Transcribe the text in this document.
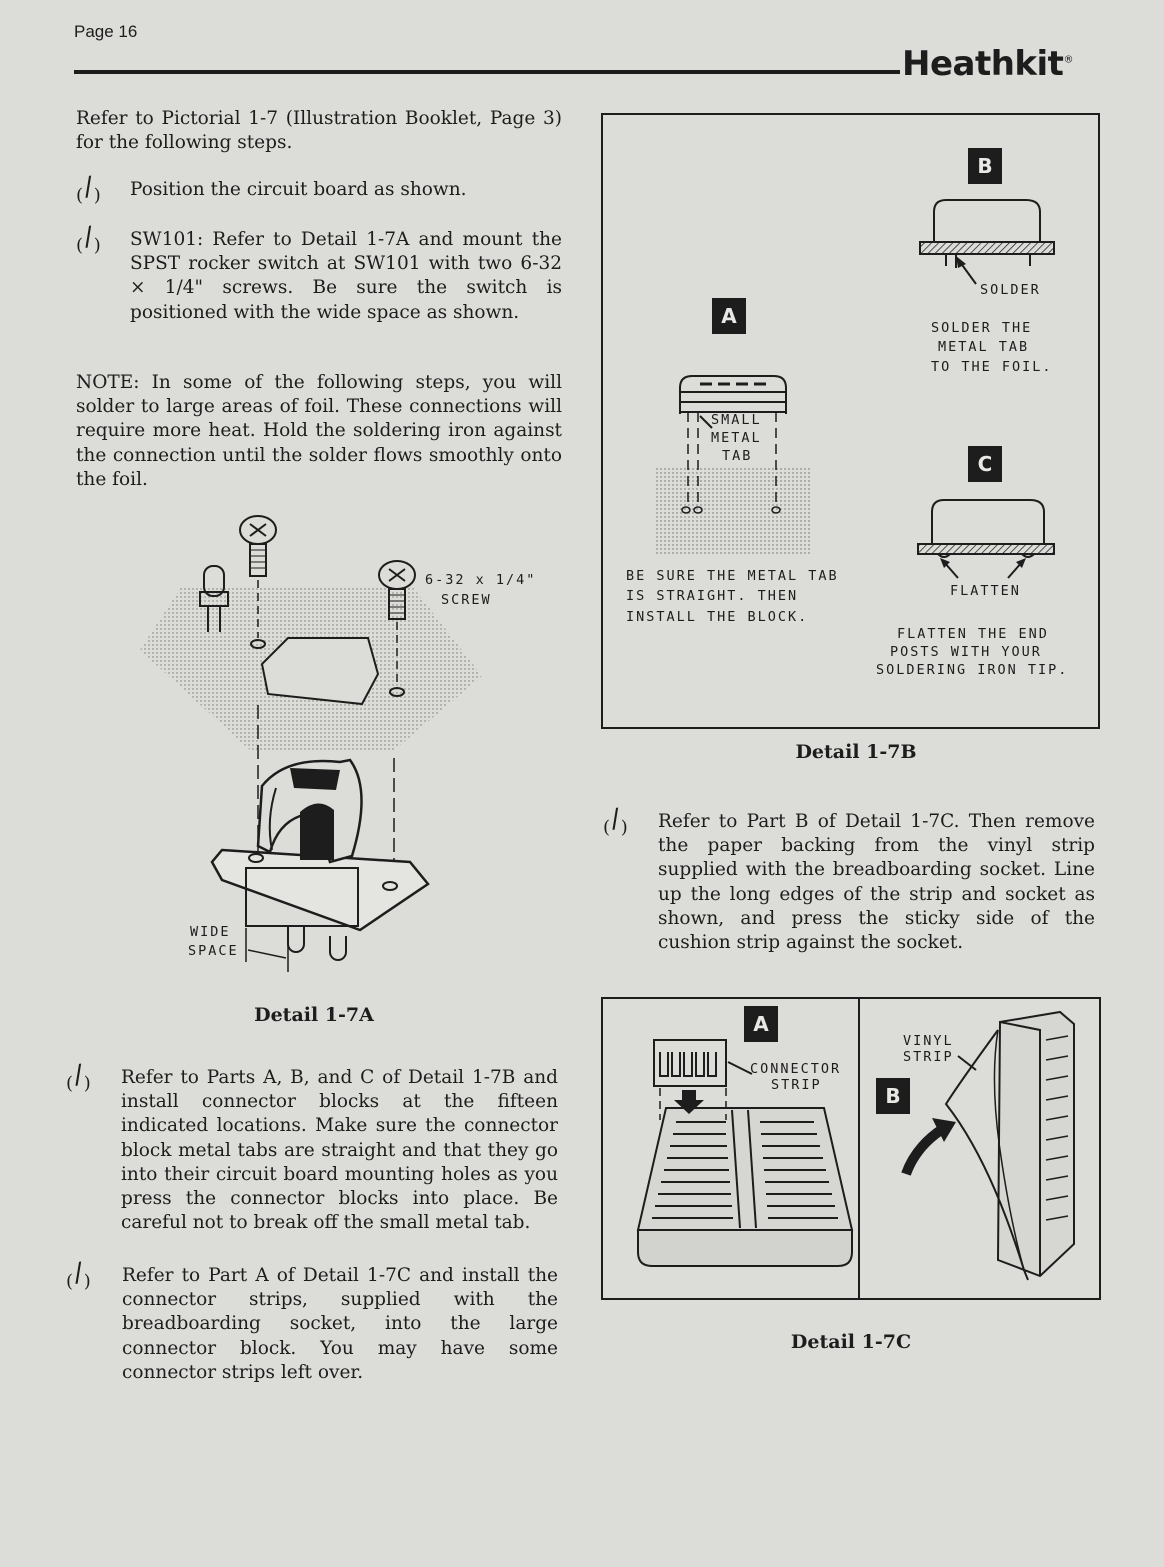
Page 16
Heathkit®
Refer to Pictorial 1-7 (Illustration Booklet, Page 3) for the following steps.
(/) Position the circuit board as shown.
(/) SW101: Refer to Detail 1-7A and mount the SPST rocker switch at SW101 with two 6-32 × 1/4" screws. Be sure the switch is positioned with the wide space as shown.
NOTE: In some of the following steps, you will solder to large areas of foil. These connections will require more heat. Hold the soldering iron against the connection until the solder flows smoothly onto the foil.
6-32 x 1/4"
SCREW
WIDE
SPACE
Detail 1-7A
(/) Refer to Parts A, B, and C of Detail 1-7B and install connector blocks at the fifteen indicated locations. Make sure the connector block metal tabs are straight and that they go into their circuit board mounting holes as you press the connector blocks into place. Be careful not to break off the small metal tab.
(/) Refer to Part A of Detail 1-7C and install the connector strips, supplied with the breadboarding socket, into the large connector block. You may have some connector strips left over.
B
A
C
SOLDER
SOLDER THE
METAL TAB
TO THE FOIL.
SMALL
METAL
TAB
BE SURE THE METAL TAB
IS STRAIGHT. THEN
INSTALL THE BLOCK.
FLATTEN
FLATTEN THE END
POSTS WITH YOUR
SOLDERING IRON TIP.
Detail 1-7B
(/) Refer to Part B of Detail 1-7C. Then remove the paper backing from the vinyl strip supplied with the breadboarding socket. Line up the long edges of the strip and socket as shown, and press the sticky side of the cushion strip against the socket.
A
B
CONNECTOR
STRIP
VINYL
STRIP
Detail 1-7C
